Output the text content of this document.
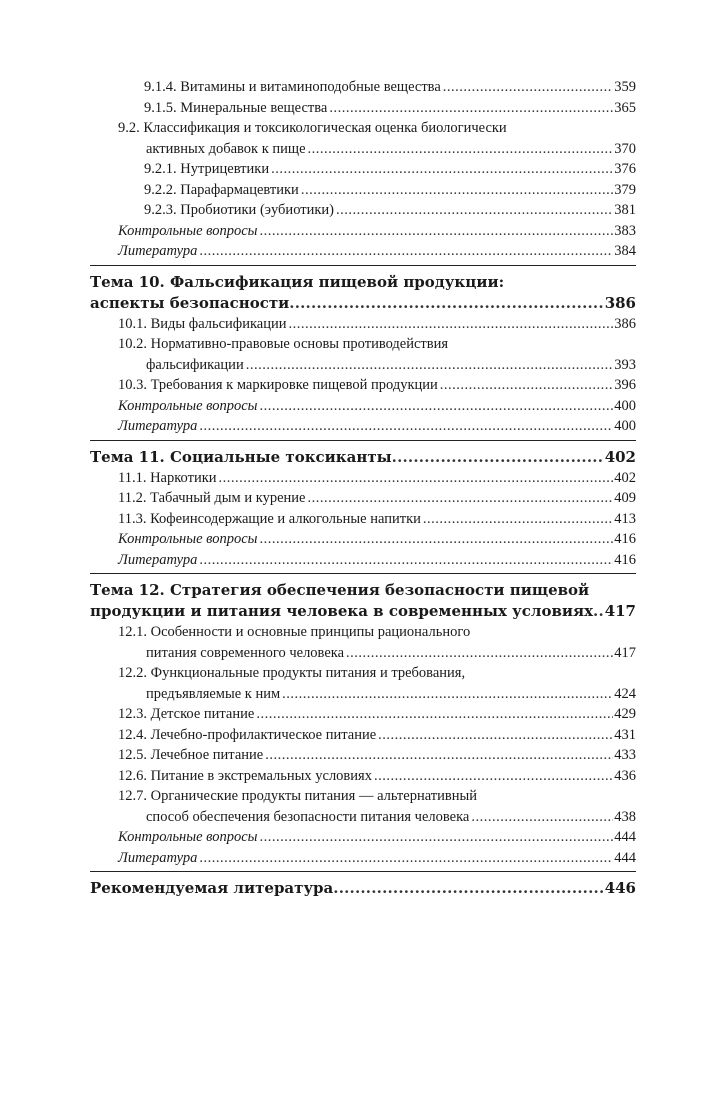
9.1.4. Витамины и витаминоподобные вещества .....	359
9.1.5. Минеральные вещества .....	365
9.2. Классификация и токсикологическая оценка биологически
активных добавок к пище .....	370
9.2.1. Нутрицевтики .....	376
9.2.2. Парафармацевтики .....	379
9.2.3. Пробиотики (эубиотики) .....	381
Контрольные вопросы .....	383
Литература .....	384
Тема 10. Фальсификация пищевой продукции:
аспекты безопасности .....	386
10.1. Виды фальсификации .....	386
10.2. Нормативно-правовые основы противодействия
фальсификации .....	393
10.3. Требования к маркировке пищевой продукции .....	396
Контрольные вопросы .....	400
Литература .....	400
Тема 11. Социальные токсиканты .....	402
11.1. Наркотики .....	402
11.2. Табачный дым и курение .....	409
11.3. Кофеинсодержащие и алкогольные напитки .....	413
Контрольные вопросы .....	416
Литература .....	416
Тема 12. Стратегия обеспечения безопасности пищевой
продукции и питания человека в современных условиях ..... 417
12.1. Особенности и основные принципы рационального
питания современного человека .....	417
12.2. Функциональные продукты питания и требования,
предъявляемые к ним .....	424
12.3. Детское питание .....	429
12.4. Лечебно-профилактическое питание .....	431
12.5. Лечебное питание .....	433
12.6. Питание в экстремальных условиях .....	436
12.7. Органические продукты питания — альтернативный
способ обеспечения безопасности питания человека .....	438
Контрольные вопросы .....	444
Литература .....	444
Рекомендуемая литература .....	446
